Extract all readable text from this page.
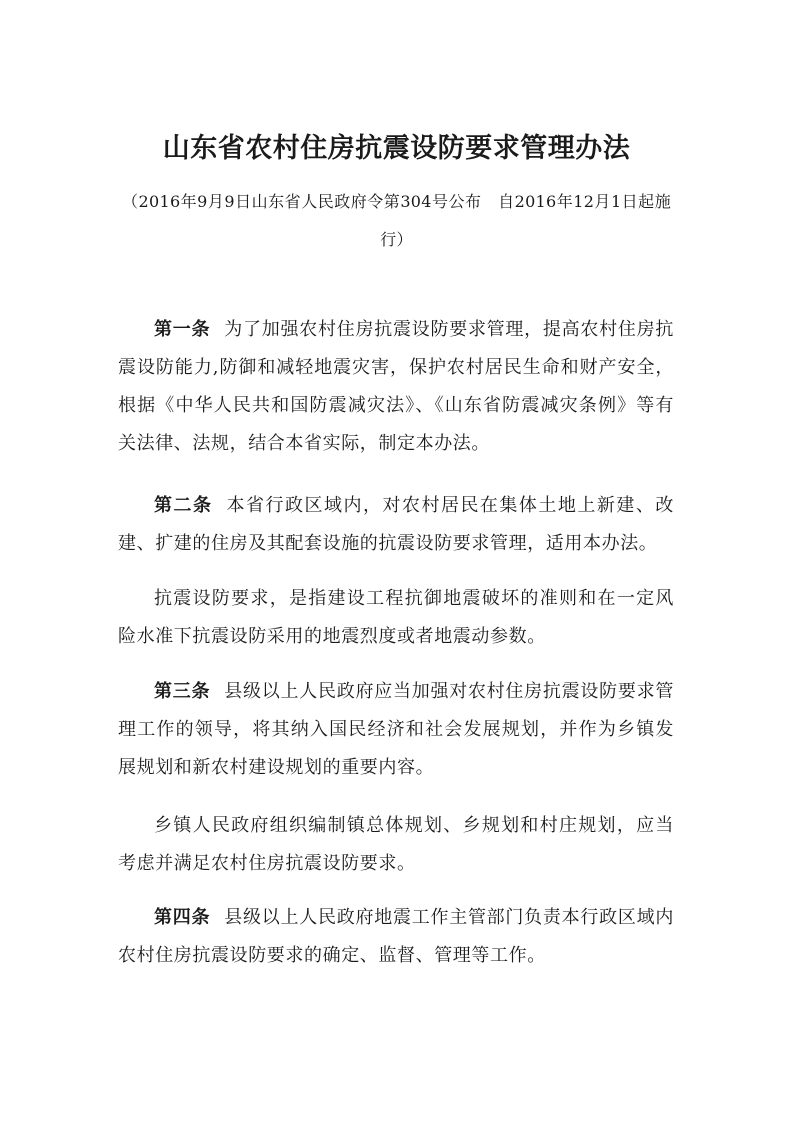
山东省农村住房抗震设防要求管理办法

（2016年9月9日山东省人民政府令第304号公布　自2016年12月1日起施行）

第一条 为了加强农村住房抗震设防要求管理，提高农村住房抗震设防能力,防御和减轻地震灾害，保护农村居民生命和财产安全，根据《中华人民共和国防震减灾法》、《山东省防震减灾条例》等有关法律、法规，结合本省实际，制定本办法。

第二条 本省行政区域内，对农村居民在集体土地上新建、改建、扩建的住房及其配套设施的抗震设防要求管理，适用本办法。

抗震设防要求，是指建设工程抗御地震破坏的准则和在一定风险水准下抗震设防采用的地震烈度或者地震动参数。

第三条 县级以上人民政府应当加强对农村住房抗震设防要求管理工作的领导，将其纳入国民经济和社会发展规划，并作为乡镇发展规划和新农村建设规划的重要内容。

乡镇人民政府组织编制镇总体规划、乡规划和村庄规划，应当考虑并满足农村住房抗震设防要求。

第四条 县级以上人民政府地震工作主管部门负责本行政区域内农村住房抗震设防要求的确定、监督、管理等工作。
